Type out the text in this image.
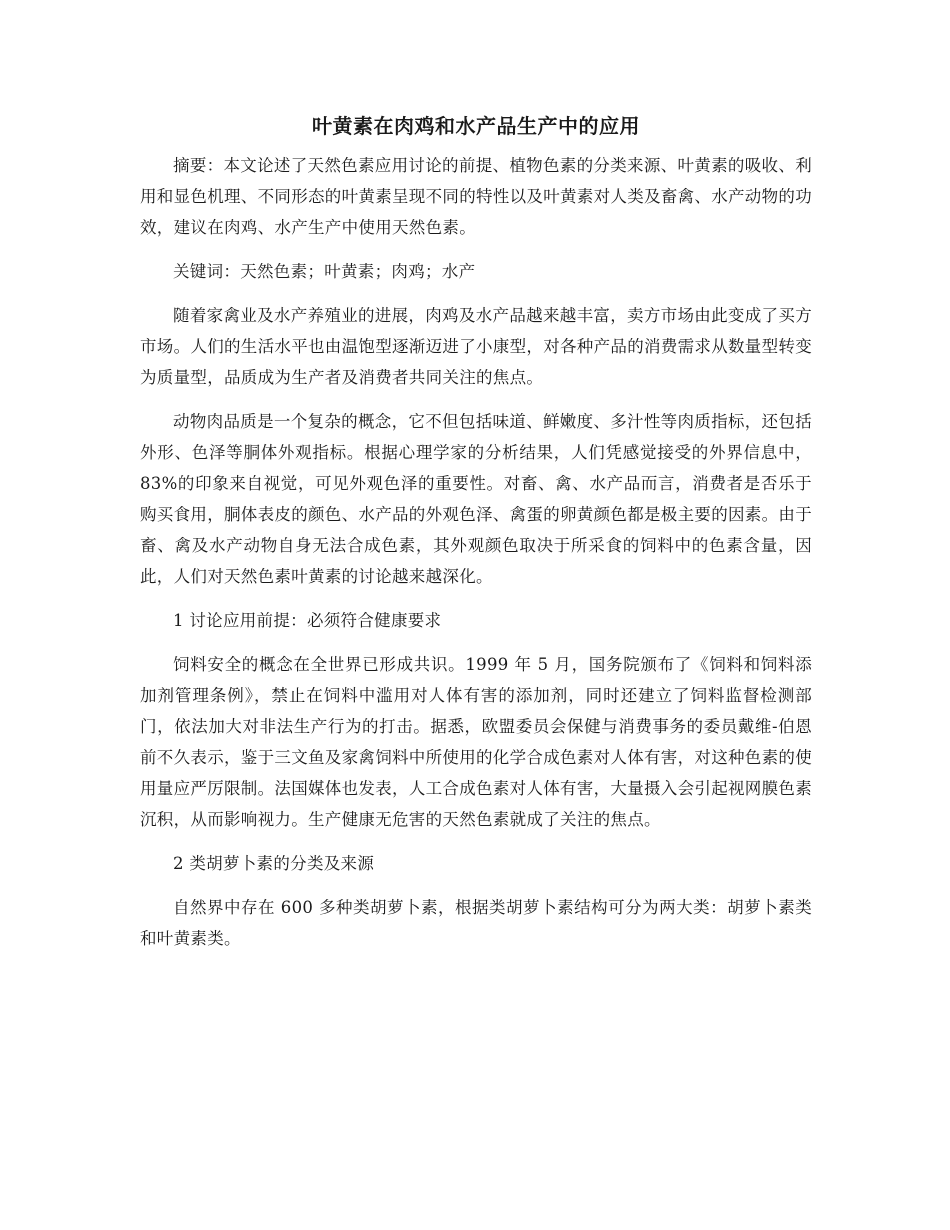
叶黄素在肉鸡和水产品生产中的应用

摘要：本文论述了天然色素应用讨论的前提、植物色素的分类来源、叶黄素的吸收、利用和显色机理、不同形态的叶黄素呈现不同的特性以及叶黄素对人类及畜禽、水产动物的功效，建议在肉鸡、水产生产中使用天然色素。

关键词：天然色素；叶黄素；肉鸡；水产

随着家禽业及水产养殖业的进展，肉鸡及水产品越来越丰富，卖方市场由此变成了买方市场。人们的生活水平也由温饱型逐渐迈进了小康型，对各种产品的消费需求从数量型转变为质量型，品质成为生产者及消费者共同关注的焦点。

动物肉品质是一个复杂的概念，它不但包括味道、鲜嫩度、多汁性等肉质指标，还包括外形、色泽等胴体外观指标。根据心理学家的分析结果，人们凭感觉接受的外界信息中，83%的印象来自视觉，可见外观色泽的重要性。对畜、禽、水产品而言，消费者是否乐于购买食用，胴体表皮的颜色、水产品的外观色泽、禽蛋的卵黄颜色都是极主要的因素。由于畜、禽及水产动物自身无法合成色素，其外观颜色取决于所采食的饲料中的色素含量，因此，人们对天然色素叶黄素的讨论越来越深化。

1 讨论应用前提：必须符合健康要求

饲料安全的概念在全世界已形成共识。1999 年 5 月，国务院颁布了《饲料和饲料添加剂管理条例》，禁止在饲料中滥用对人体有害的添加剂，同时还建立了饲料监督检测部门，依法加大对非法生产行为的打击。据悉，欧盟委员会保健与消费事务的委员戴维-伯恩前不久表示，鉴于三文鱼及家禽饲料中所使用的化学合成色素对人体有害，对这种色素的使用量应严厉限制。法国媒体也发表，人工合成色素对人体有害，大量摄入会引起视网膜色素沉积，从而影响视力。生产健康无危害的天然色素就成了关注的焦点。

2 类胡萝卜素的分类及来源

自然界中存在 600 多种类胡萝卜素，根据类胡萝卜素结构可分为两大类：胡萝卜素类和叶黄素类。
